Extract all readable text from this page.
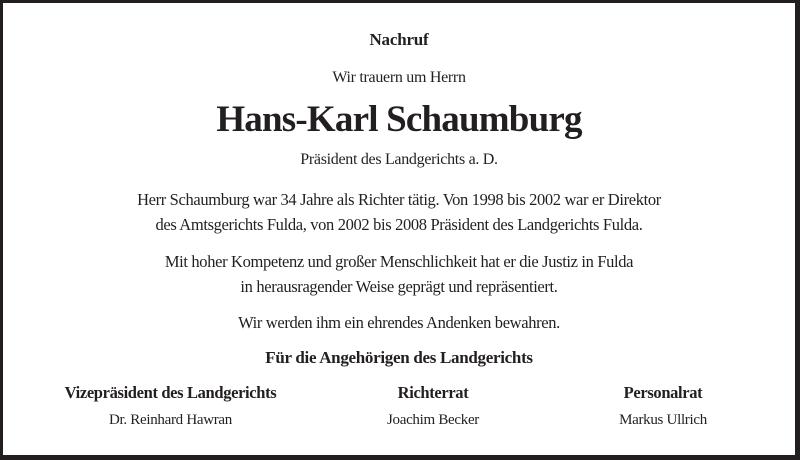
Nachruf
Wir trauern um Herrn
Hans-Karl Schaumburg
Präsident des Landgerichts a. D.
Herr Schaumburg war 34 Jahre als Richter tätig. Von 1998 bis 2002 war er Direktor
des Amtsgerichts Fulda, von 2002 bis 2008 Präsident des Landgerichts Fulda.
Mit hoher Kompetenz und großer Menschlichkeit hat er die Justiz in Fulda
in herausragender Weise geprägt und repräsentiert.
Wir werden ihm ein ehrendes Andenken bewahren.
Für die Angehörigen des Landgerichts
Vizepräsident des Landgerichts
Dr. Reinhard Hawran
Richterrat
Joachim Becker
Personalrat
Markus Ullrich
